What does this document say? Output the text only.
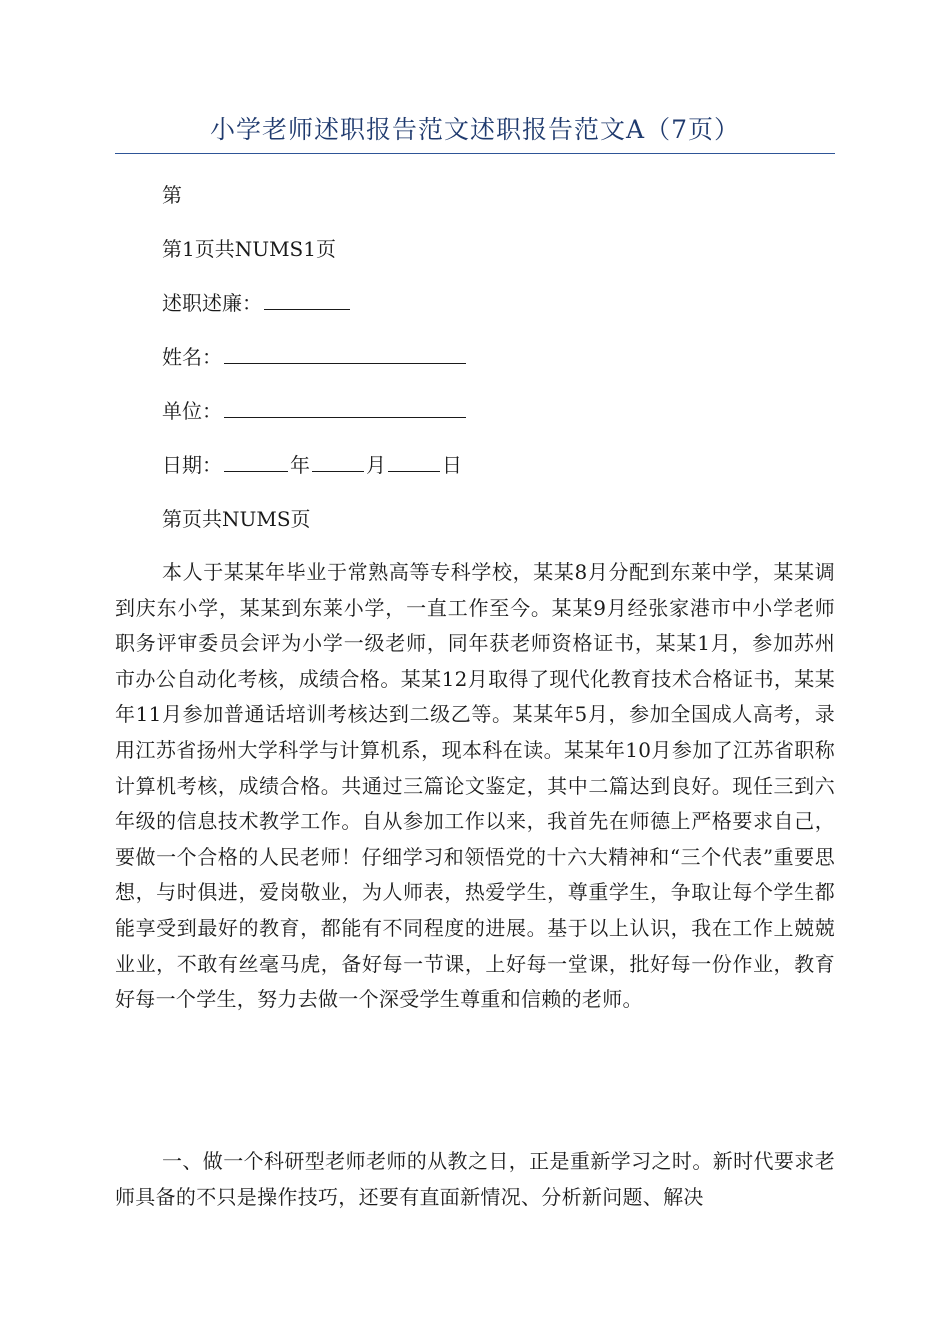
小学老师述职报告范文述职报告范文A（7页）
第
第1页共NUMS1页
述职述廉：
姓名：
单位：
日期：	年	月	日
第页共NUMS页
本人于某某年毕业于常熟高等专科学校，某某8月分配到东莱中学，某某调到庆东小学，某某到东莱小学，一直工作至今。某某9月经张家港市中小学老师职务评审委员会评为小学一级老师，同年获老师资格证书，某某1月，参加苏州市办公自动化考核，成绩合格。某某12月取得了现代化教育技术合格证书，某某年11月参加普通话培训考核达到二级乙等。某某年5月，参加全国成人高考，录用江苏省扬州大学科学与计算机系，现本科在读。某某年10月参加了江苏省职称计算机考核，成绩合格。共通过三篇论文鉴定，其中二篇达到良好。现任三到六年级的信息技术教学工作。自从参加工作以来，我首先在师德上严格要求自己，要做一个合格的人民老师！仔细学习和领悟党的十六大精神和“三个代表”重要思想，与时俱进，爱岗敬业，为人师表，热爱学生，尊重学生，争取让每个学生都能享受到最好的教育，都能有不同程度的进展。基于以上认识，我在工作上兢兢业业，不敢有丝毫马虎，备好每一节课，上好每一堂课，批好每一份作业，教育好每一个学生，努力去做一个深受学生尊重和信赖的老师。
一、做一个科研型老师老师的从教之日，正是重新学习之时。新时代要求老师具备的不只是操作技巧，还要有直面新情况、分析新问题、解决
